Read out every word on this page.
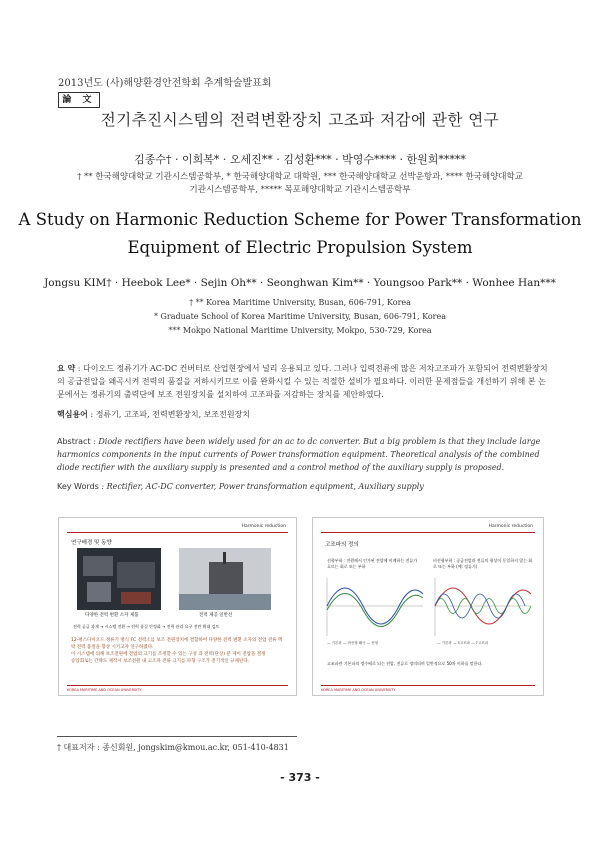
2013년도 (사)해양환경안전학회 추계학술발표회
論 文
전기추진시스템의 전력변환장치 고조파 저감에 관한 연구
김종수† · 이희복* · 오세진** · 김성환*** · 박영수**** · 한원희*****
† ** 한국해양대학교 기관시스템공학부, * 한국해양대학교 대학원, *** 한국해양대학교 선박운항과, **** 한국해양대학교
기관시스템공학부, ***** 목포해양대학교 기관시스템공학부
A Study on Harmonic Reduction Scheme for Power Transformation
Equipment of Electric Propulsion System
Jongsu KIM† · Heebok Lee* · Sejin Oh** · Seonghwan Kim** · Youngsoo Park** · Wonhee Han***
† ** Korea Maritime University, Busan, 606-791, Korea
* Graduate School of Korea Maritime University, Busan, 606-791, Korea
*** Mokpo National Maritime University, Mokpo, 530-729, Korea
요 약 : 다이오드 정류기가 AC-DC 컨버터로 산업현장에서 널리 응용되고 있다. 그러나 입력전류에 많은 저차고조파가 포함되어 전력변환장치의 공급전압을 왜곡시켜 전력의 품질을 저하시키므로 이를 완화시킬 수 있는 적절한 설비가 필요하다. 이러한 문제점들을 개선하기 위해 본 논문에서는 정류기의 출력단에 보조 전원장치를 설치하여 고조파를 저감하는 장치를 제안하였다.
핵심용어 : 정류기, 고조파, 전력변환장치, 보조전원장치
Abstract : Diode rectifiers have been widely used for an ac to dc converter. But a big problem is that they include large harmonics components in the input currents of Power transformation equipment. Theoretical analysis of the combined diode rectifier with the auxiliary supply is presented and a control method of the auxiliary supply is proposed.
Key Words : Rectifier, AC-DC converter, Power transformation equipment, Auxiliary supply
Harmonic reduction
연구배경 및 동향
다양한 전력 변환 소자 제품	전력 제공 일반선
전력 공급 과제 → 시스템 전환 → 전력 품질 안정화 → 전력 관리 요구 전반 확대 검토
12-펄스다이오드 정류기 방식 FC 전력소를 보조 전원장치에 결합하여 다양한 전력 변환 소자의 전압 전류 맥
락 전력 품질을 향상 시키고자 연구하였다.
이 시스템에 의해 보조전원에 전압의 크기를 조정할 수 있는 구성 과 전력(단상) 분 제어 전압을 결정
승압회로는 간략도 제작시 보조전원 내 고조파 전류 크기를 파형 구조가 전기적인 규제된다.
KOREA MARITIME AND OCEAN UNIVERSITY
Harmonic reduction
고조파의 정의
선형부하 : 전원에서 인가된 전압에 비례하는 전류가 흐르는 회로 또는 부하
비선형부하 : 공급전압과 전류의 형상이 동일하지 않는 회로 또는 부하 (예: 정류기)
— 기본파 — 비선형 왜곡 — 선형	— 기본파 — 5고조파 — 7고조파
고조파란 기본파의 정수배로 되는 전압, 전류로 정의되며 일반적으로 50차 이하를 말한다.
KOREA MARITIME AND OCEAN UNIVERSITY
† 대표저자 : 종신회원, jongskim@kmou.ac.kr, 051-410-4831
- 373 -
